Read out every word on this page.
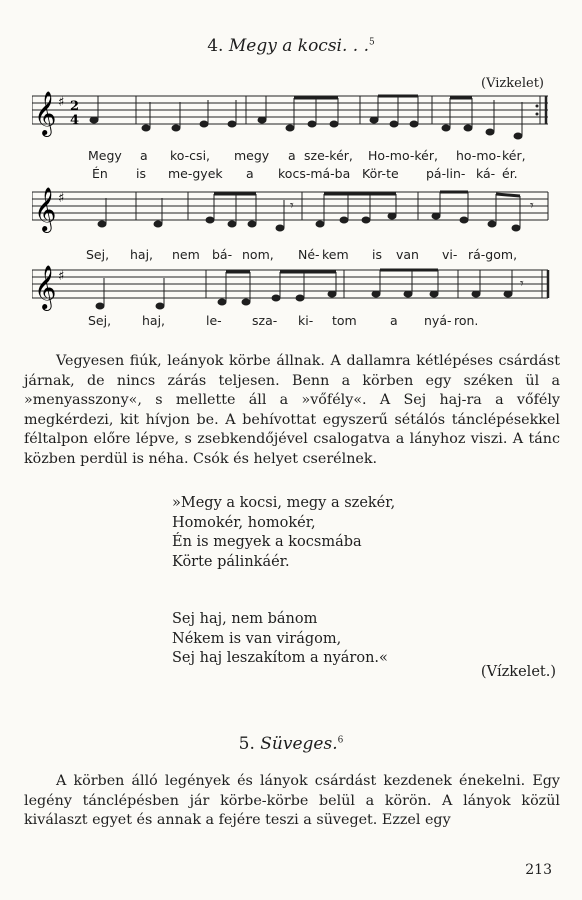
4. Megy a kocsi. . .$^5$
(Vizkelet)
𝄞 ♯ 2
4
Megy a ko-csi, megy a sze-kér, Ho-mo-kér, ho-mo- kér,
Én is me-gyek a kocs-má-ba Kör-te pá- lin- ká- ér.
𝄞 ♯	𝄾	𝄾
Sej, haj, nem bá- nom, Né- kem is van vi- rá-gom,
𝄞 ♯	𝄾
Sej, haj,	le- sza- ki- tom	a nyá- ron.

Vegyesen fiúk, leányok körbe állnak. A dallamra kétlépéses csárdást járnak, de nincs zárás teljesen. Benn a körben egy széken ül a »menyasszony«, s mellette áll a »vőfély«. A Sej haj-ra a vőfély megkérdezi, kit hívjon be. A behívottat egyszerű sétálós tánclépésekkel féltalpon előre lépve, s zsebkendőjével csalogatva a lányhoz viszi. A tánc közben perdül is néha. Csók és helyet cserélnek.

»Megy a kocsi, megy a szekér,
Homokér, homokér,
Én is megyek a kocsmába
Körte pálinkáér.
Sej haj, nem bánom
Nékem is van virágom,
Sej haj leszakítom a nyáron.«
(Vízkelet.)
5. Süveges.$^6$

A körben álló legények és lányok csárdást kezdenek énekelni. Egy legény tánclépésben jár körbe-körbe belül a körön. A lányok közül kiválaszt egyet és annak a fejére teszi a süveget. Ezzel egy

213
